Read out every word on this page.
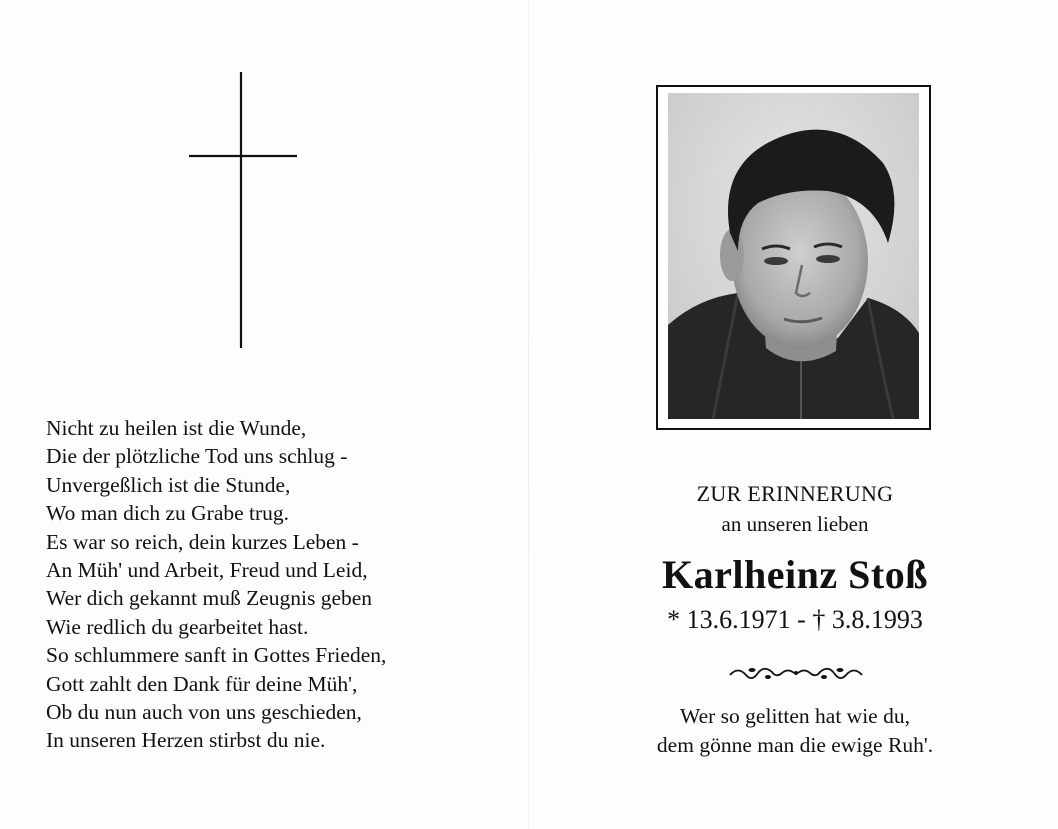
Nicht zu heilen ist die Wunde,
Die der plötzliche Tod uns schlug -
Unvergeßlich ist die Stunde,
Wo man dich zu Grabe trug.
Es war so reich, dein kurzes Leben -
An Müh' und Arbeit, Freud und Leid,
Wer dich gekannt muß Zeugnis geben
Wie redlich du gearbeitet hast.
So schlummere sanft in Gottes Frieden,
Gott zahlt den Dank für deine Müh',
Ob du nun auch von uns geschieden,
In unseren Herzen stirbst du nie.
ZUR ERINNERUNG
an unseren lieben
Karlheinz Stoß
* 13.6.1971 - † 3.8.1993
Wer so gelitten hat wie du,
dem gönne man die ewige Ruh'.
